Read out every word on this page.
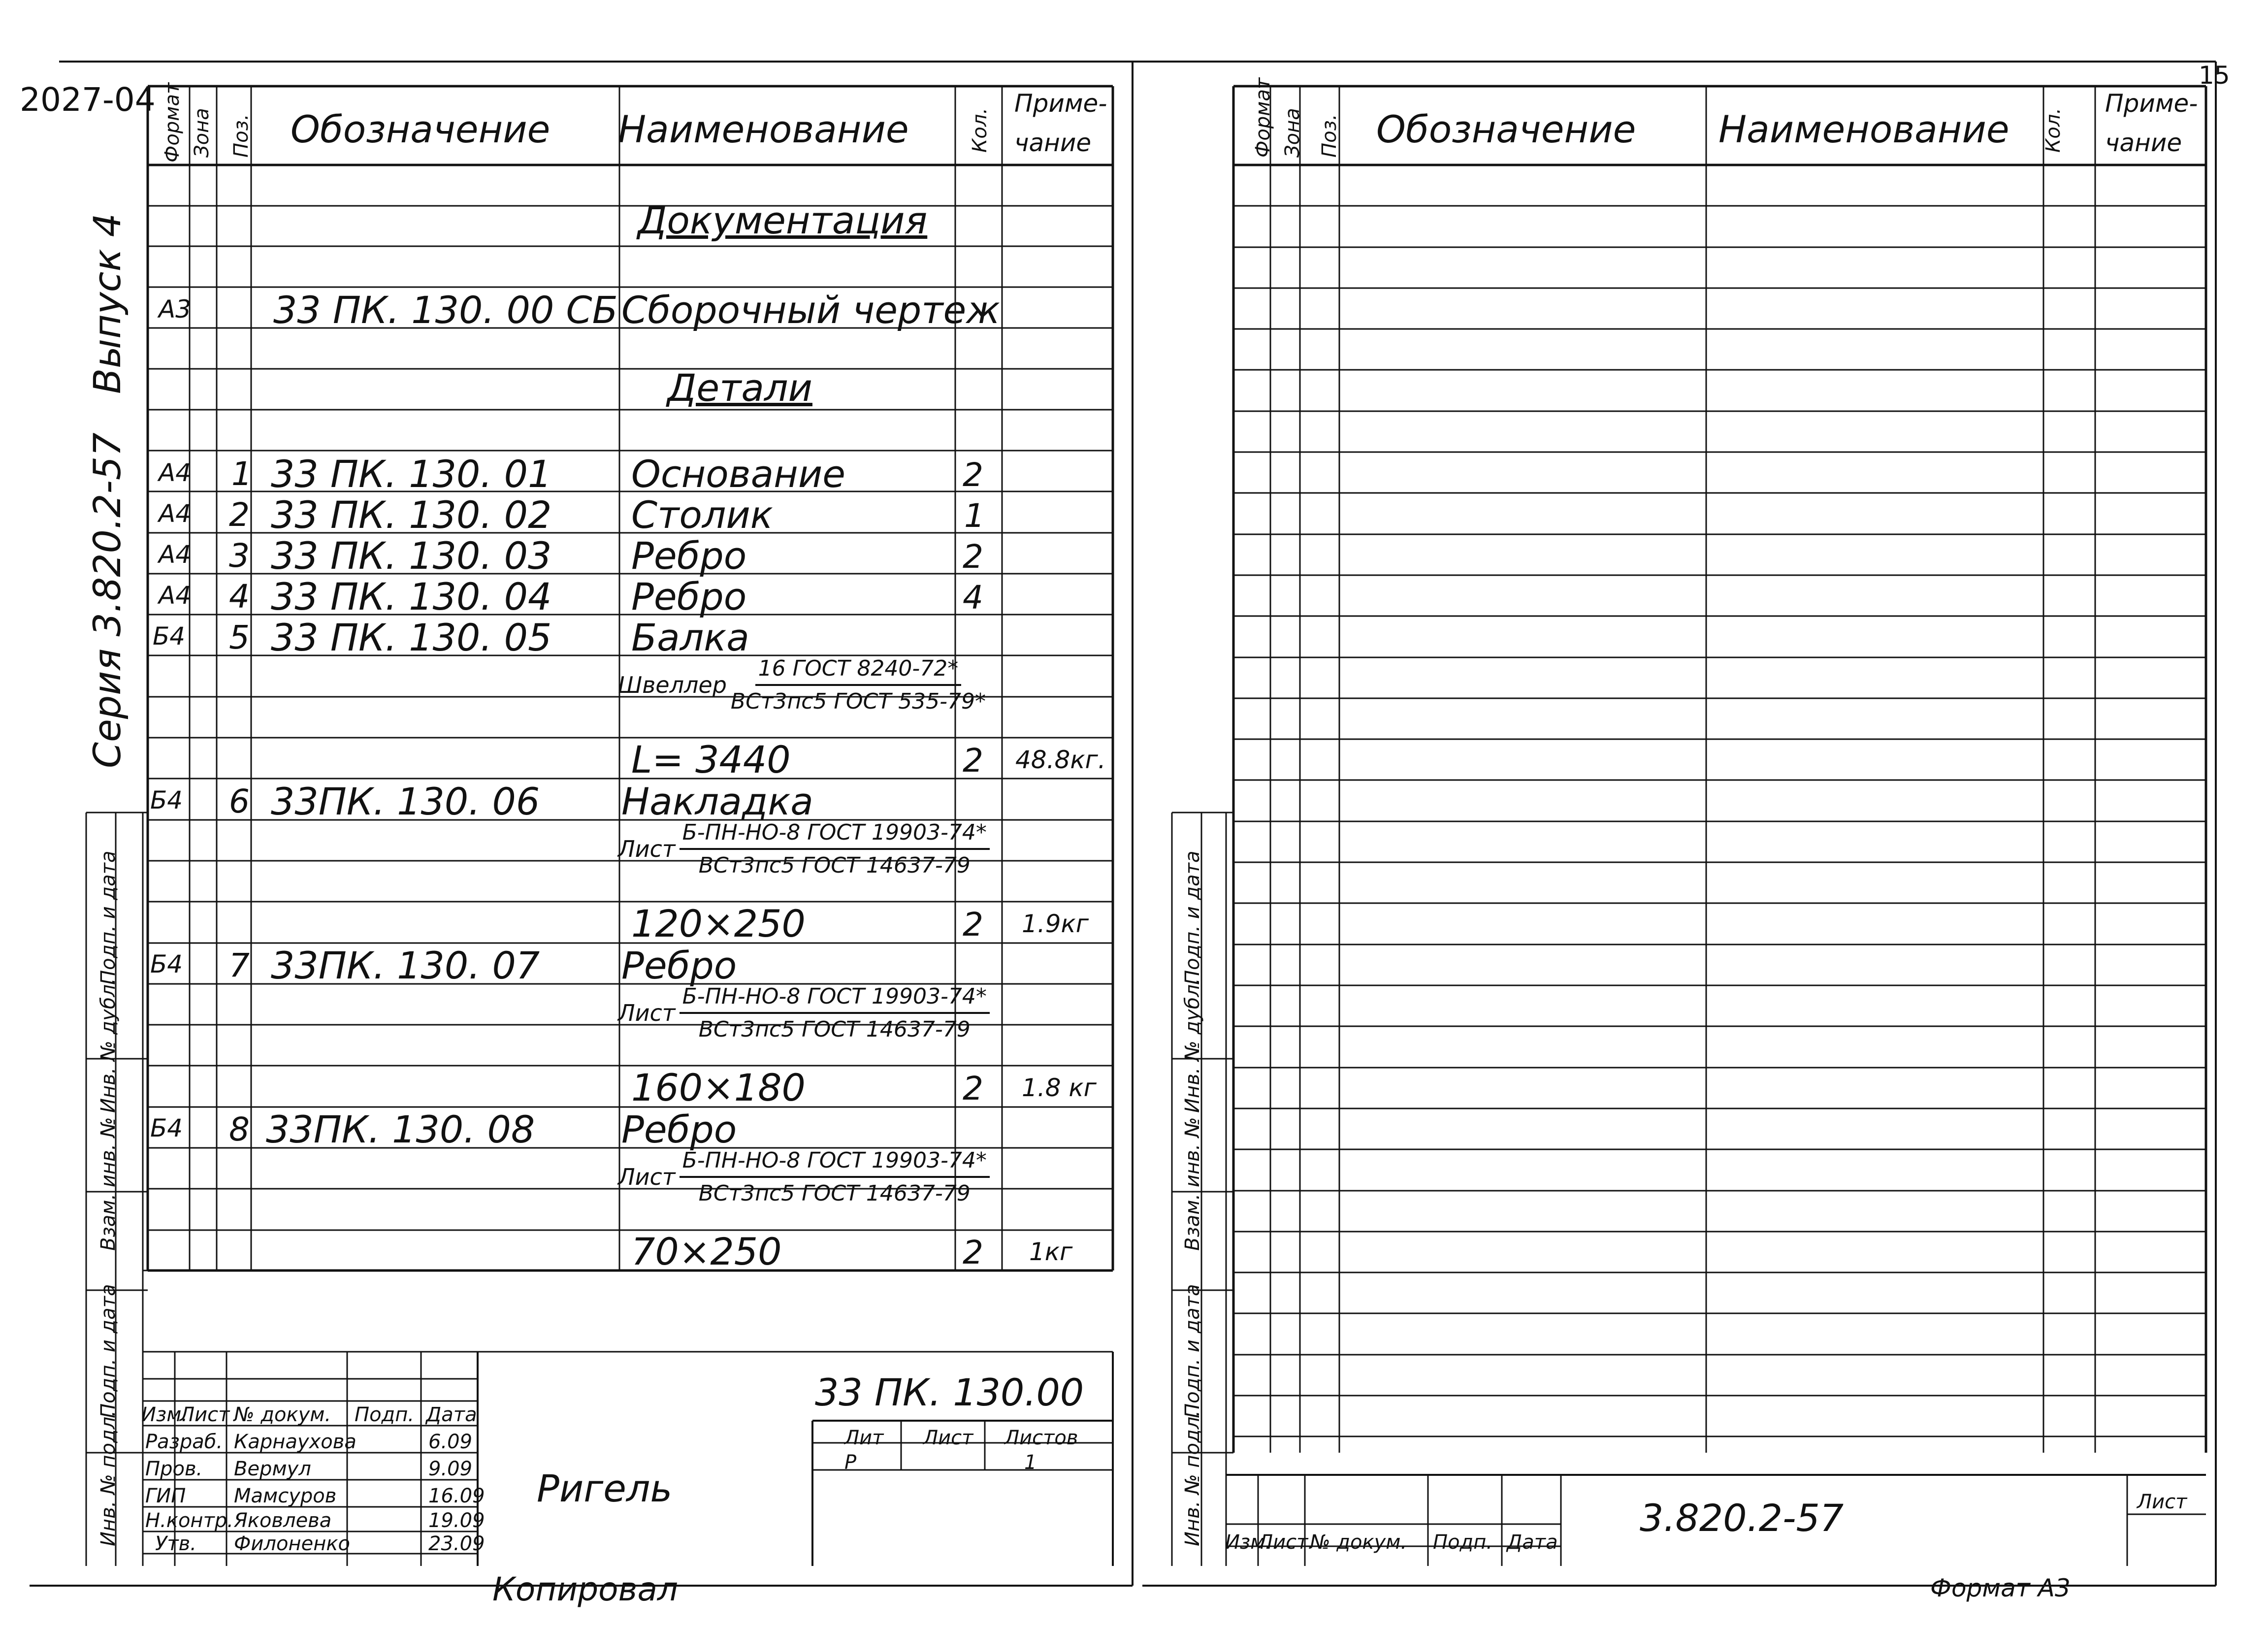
2027-04
15
Серия 3.820.2-57
Выпуск 4
Формат Зона Поз. Обозначение Наименование	Кол.
Приме-
чание
Документация
А3 33 ПК. 130. 00 СБ Сборочный чертеж
Детали
А4 1 33 ПК. 130. 01 Основание	2
А4 2 33 ПК. 130. 02 Столик	1
А4 3 33 ПК. 130. 03 Ребро	2
А4 4 33 ПК. 130. 04 Ребро	4
Б4 5 33 ПК. 130. 05 Балка
Швеллер $\frac{\text{16 ГОСТ 8240-72*}}{\text{ВСт3пс5 ГОСТ 535-79*}}$
L= 3440	2 48.8кг.
Б4 6 33ПК. 130. 06 Накладка
Лист $\frac{\text{Б-ПН-НО-8 ГОСТ 19903-74*}}{\text{ВСт3пс5 ГОСТ 14637-79}}$
120×250	2 1.9кг
Б4 7 33ПК. 130. 07 Ребро
Лист $\frac{\text{Б-ПН-НО-8 ГОСТ 19903-74*}}{\text{ВСт3пс5 ГОСТ 14637-79}}$
160×180	2 1.8 кг
Б4 8 33ПК. 130. 08 Ребро
Лист $\frac{\text{Б-ПН-НО-8 ГОСТ 19903-74*}}{\text{ВСт3пс5 ГОСТ 14637-79}}$
70×250	2 1кг
Подп. и дата
Инв. № дубл.
Взам. инв. №
Подп. и дата
Инв. № подл.
33 ПК. 130.00
Ригель
Изм.
Лист № докум. Подп. Дата
Разраб. Карнаухова	6.09
Пров. Вермул	9.09
ГИП Мамсуров	16.09
Н.контр. Яковлева	19.09
Утв. Филоненко	23.09
Лит Лист Листов
Р	1
Копировал
Формат Зона Поз. Обозначение Наименование Кол.
Приме-
чание
Подп. и дата
Инв. № дубл.
Взам. инв. №
Подп. и дата
Инв. № подл.	3.820.2-57	Лист
Изм.
Лист № докум. Подп. Дата
Формат А3
